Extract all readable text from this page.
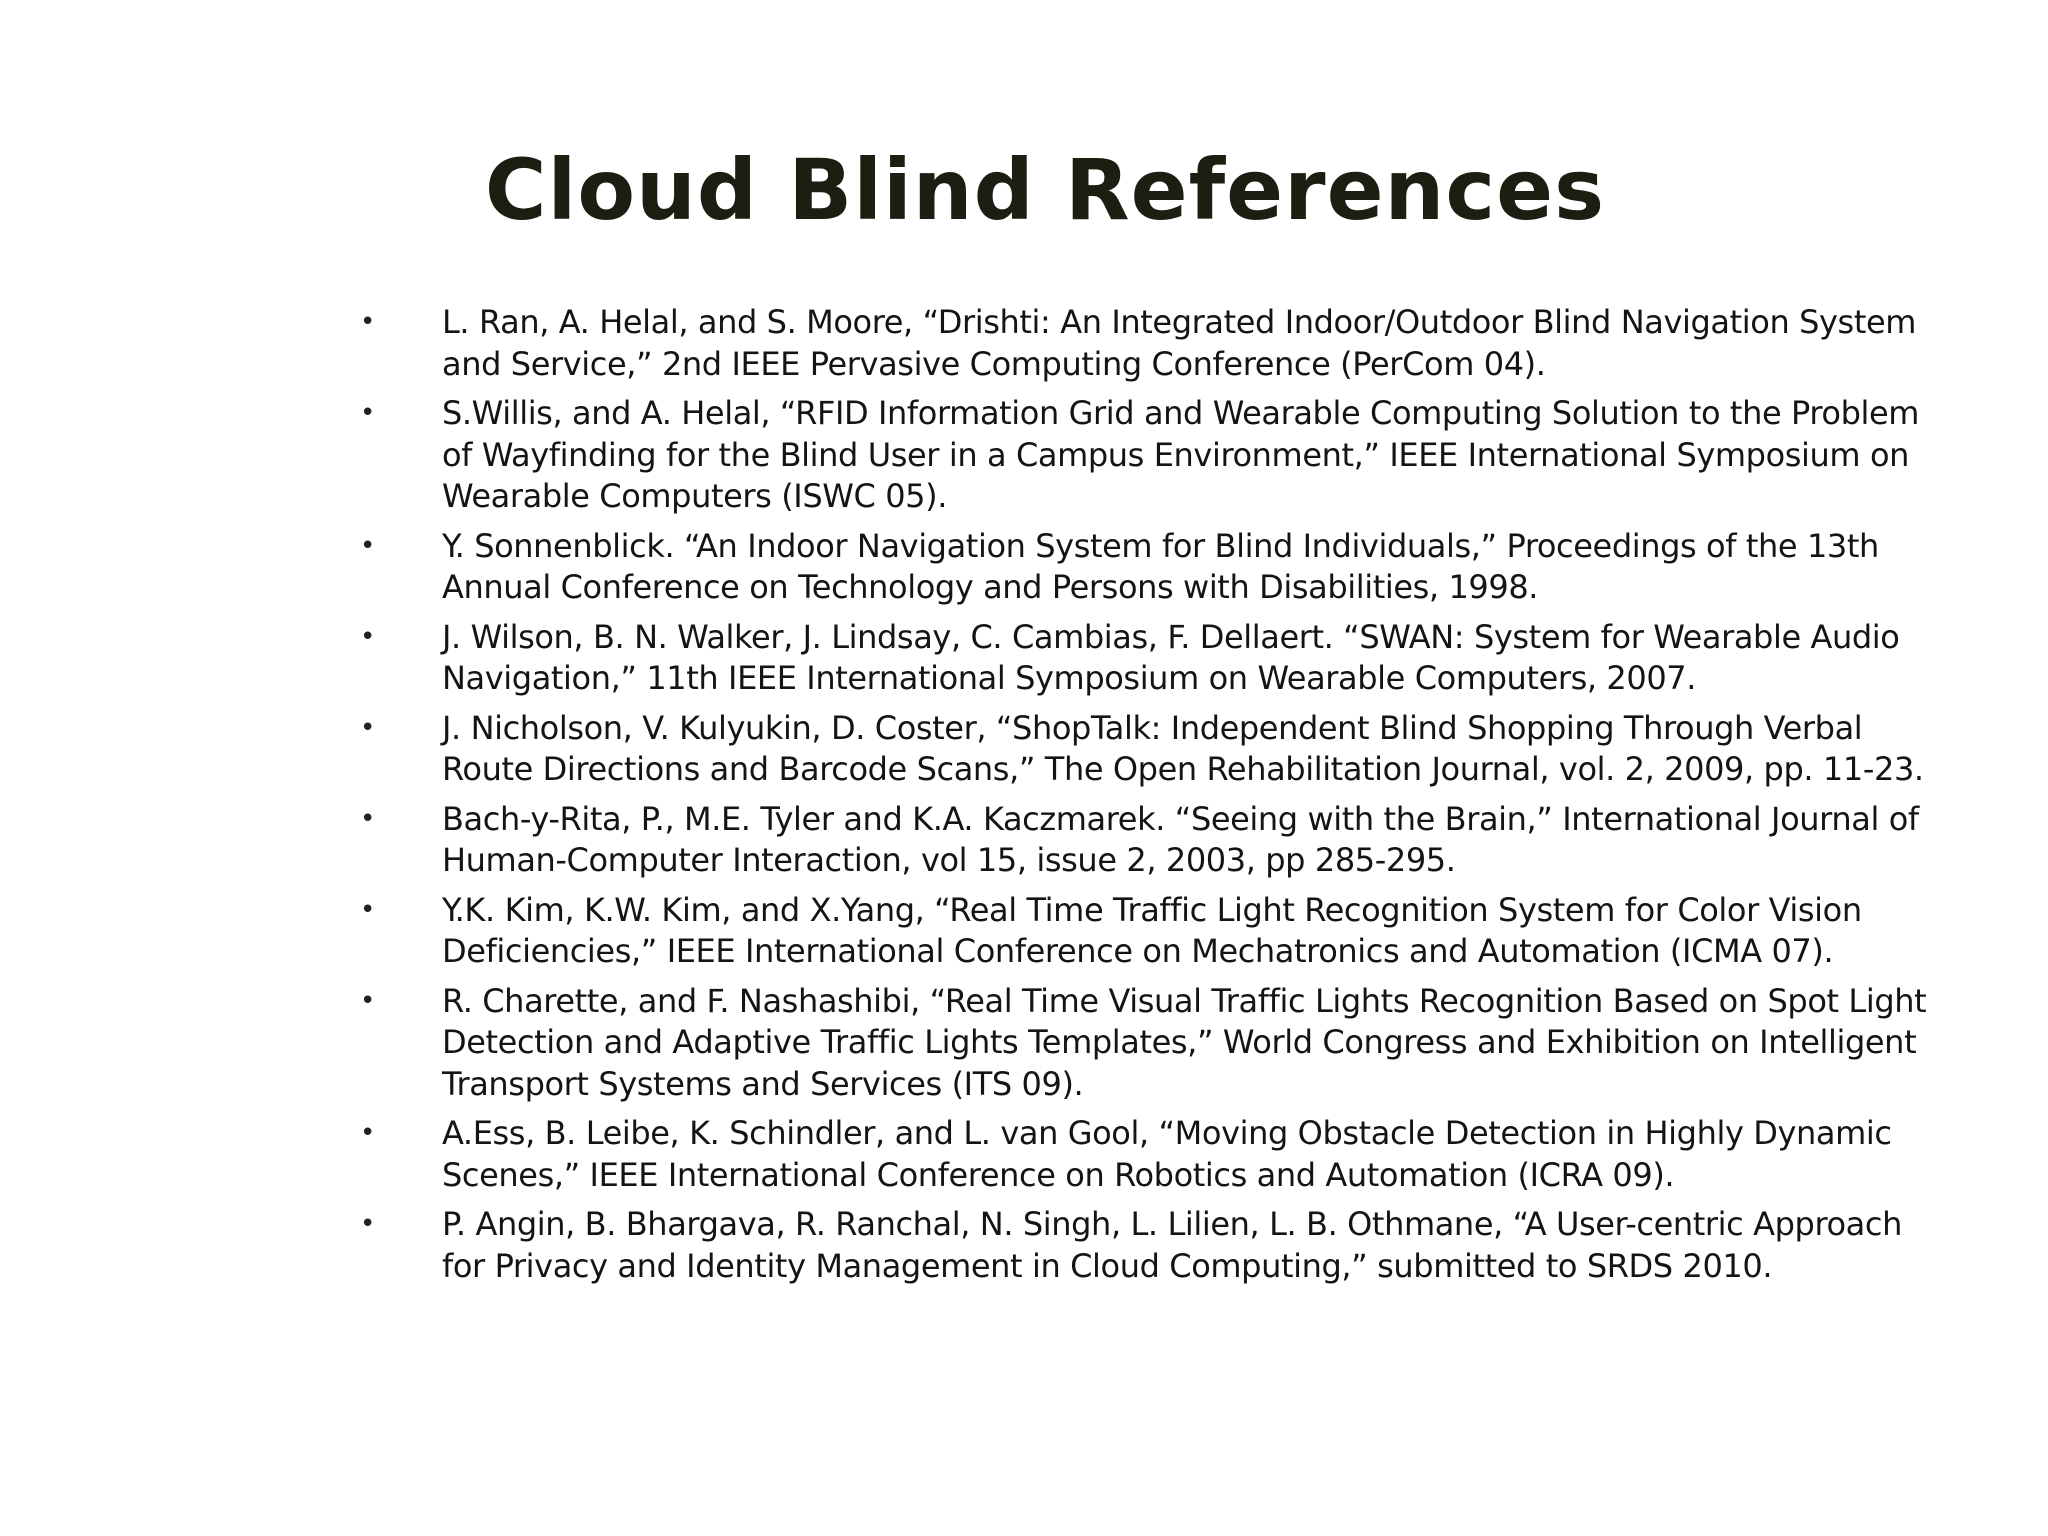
Cloud Blind References
• L. Ran, A. Helal, and S. Moore, “Drishti: An Integrated Indoor/Outdoor Blind Navigation System
and Service,” 2nd IEEE Pervasive Computing Conference (PerCom 04).
• S.Willis, and A. Helal, “RFID Information Grid and Wearable Computing Solution to the Problem
of Wayfinding for the Blind User in a Campus Environment,” IEEE International Symposium on
Wearable Computers (ISWC 05).
• Y. Sonnenblick. “An Indoor Navigation System for Blind Individuals,” Proceedings of the 13th
Annual Conference on Technology and Persons with Disabilities, 1998.
• J. Wilson, B. N. Walker, J. Lindsay, C. Cambias, F. Dellaert. “SWAN: System for Wearable Audio
Navigation,” 11th IEEE International Symposium on Wearable Computers, 2007.
• J. Nicholson, V. Kulyukin, D. Coster, “ShopTalk: Independent Blind Shopping Through Verbal
Route Directions and Barcode Scans,” The Open Rehabilitation Journal, vol. 2, 2009, pp. 11-23.
• Bach-y-Rita, P., M.E. Tyler and K.A. Kaczmarek. “Seeing with the Brain,” International Journal of
Human-Computer Interaction, vol 15, issue 2, 2003, pp 285-295.
• Y.K. Kim, K.W. Kim, and X.Yang, “Real Time Traffic Light Recognition System for Color Vision
Deficiencies,” IEEE International Conference on Mechatronics and Automation (ICMA 07).
• R. Charette, and F. Nashashibi, “Real Time Visual Traffic Lights Recognition Based on Spot Light
Detection and Adaptive Traffic Lights Templates,” World Congress and Exhibition on Intelligent
Transport Systems and Services (ITS 09).
• A.Ess, B. Leibe, K. Schindler, and L. van Gool, “Moving Obstacle Detection in Highly Dynamic
Scenes,” IEEE International Conference on Robotics and Automation (ICRA 09).
• P. Angin, B. Bhargava, R. Ranchal, N. Singh, L. Lilien, L. B. Othmane, “A User-centric Approach
for Privacy and Identity Management in Cloud Computing,” submitted to SRDS 2010.
